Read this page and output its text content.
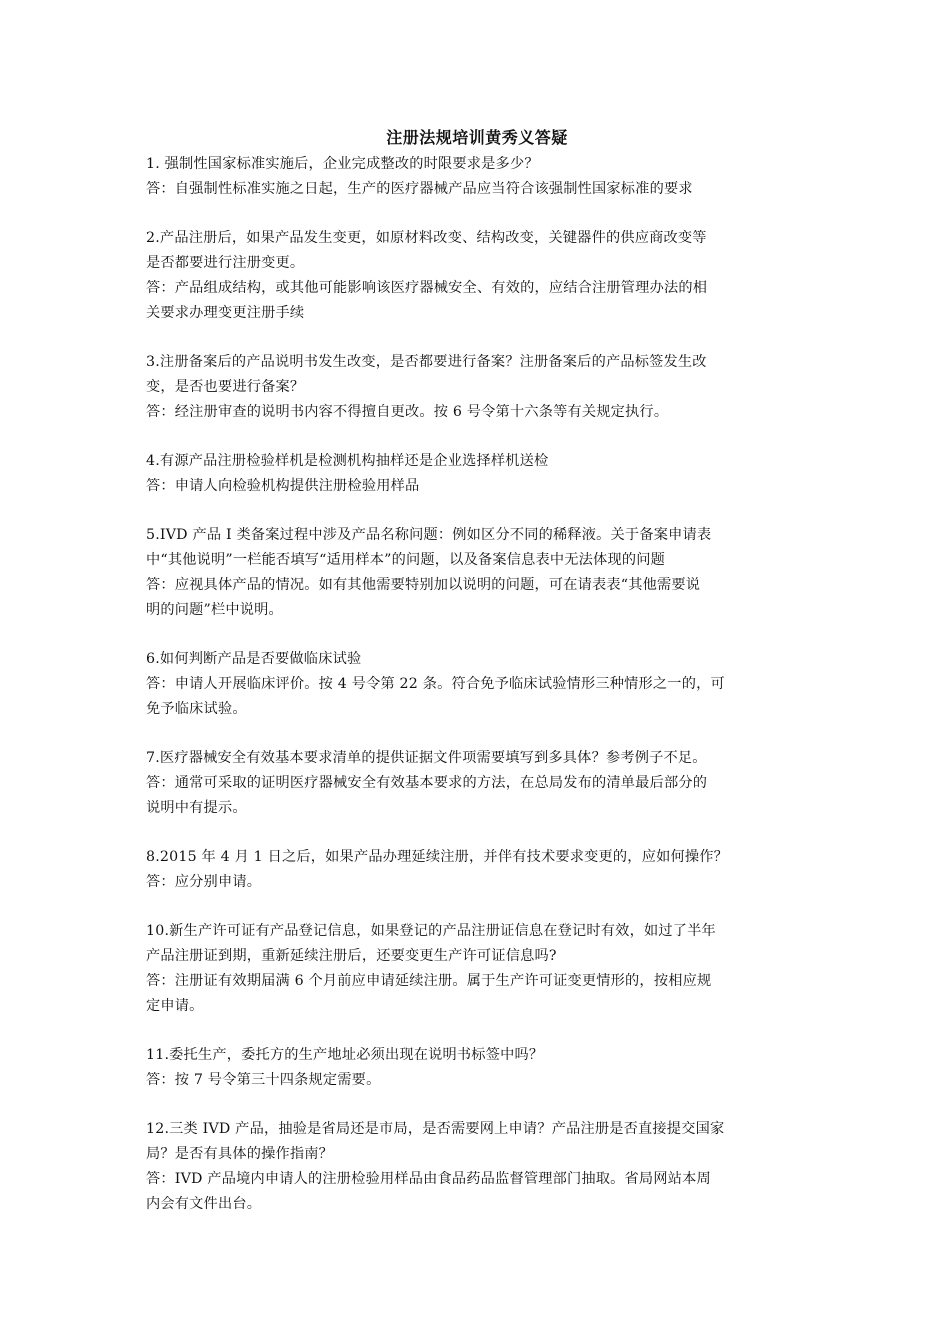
注册法规培训黄秀义答疑

1. 强制性国家标准实施后，企业完成整改的时限要求是多少？

答：自强制性标准实施之日起，生产的医疗器械产品应当符合该强制性国家标准的要求

2.产品注册后，如果产品发生变更，如原材料改变、结构改变，关键器件的供应商改变等

是否都要进行注册变更。

答：产品组成结构，或其他可能影响该医疗器械安全、有效的，应结合注册管理办法的相

关要求办理变更注册手续

3.注册备案后的产品说明书发生改变，是否都要进行备案？注册备案后的产品标签发生改

变，是否也要进行备案？

答：经注册审查的说明书内容不得擅自更改。按 6 号令第十六条等有关规定执行。

4.有源产品注册检验样机是检测机构抽样还是企业选择样机送检

答：申请人向检验机构提供注册检验用样品

5.IVD 产品 I 类备案过程中涉及产品名称问题：例如区分不同的稀释液。关于备案申请表

中“其他说明”一栏能否填写“适用样本”的问题，以及备案信息表中无法体现的问题

答：应视具体产品的情况。如有其他需要特别加以说明的问题，可在请表表“其他需要说

明的问题”栏中说明。

6.如何判断产品是否要做临床试验

答：申请人开展临床评价。按 4 号令第 22 条。符合免予临床试验情形三种情形之一的，可

免予临床试验。

7.医疗器械安全有效基本要求清单的提供证据文件项需要填写到多具体？参考例子不足。

答：通常可采取的证明医疗器械安全有效基本要求的方法，在总局发布的清单最后部分的

说明中有提示。

8.2015 年 4 月 1 日之后，如果产品办理延续注册，并伴有技术要求变更的，应如何操作？

答：应分别申请。

10.新生产许可证有产品登记信息，如果登记的产品注册证信息在登记时有效，如过了半年

产品注册证到期，重新延续注册后，还要变更生产许可证信息吗?

答：注册证有效期届满 6 个月前应申请延续注册。属于生产许可证变更情形的，按相应规

定申请。

11.委托生产，委托方的生产地址必须出现在说明书标签中吗？

答：按 7 号令第三十四条规定需要。

12.三类 IVD 产品，抽验是省局还是市局，是否需要网上申请？产品注册是否直接提交国家

局？是否有具体的操作指南？

答：IVD 产品境内申请人的注册检验用样品由食品药品监督管理部门抽取。省局网站本周

内会有文件出台。
